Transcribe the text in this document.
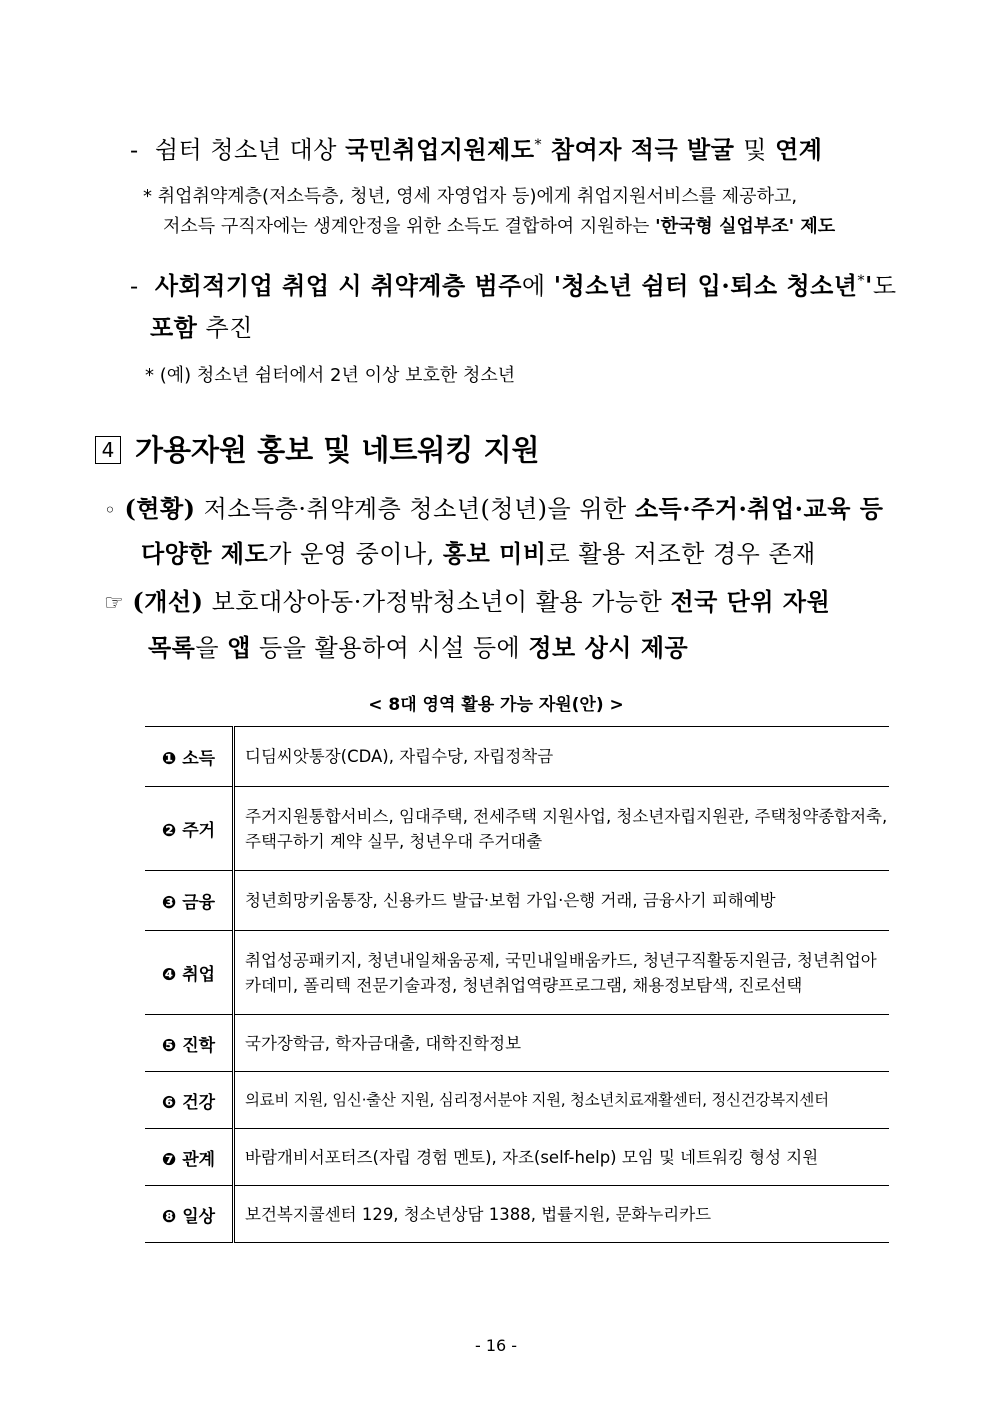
- 쉼터 청소년 대상 국민취업지원제도* 참여자 적극 발굴 및 연계
* 취업취약계층(저소득층, 청년, 영세 자영업자 등)에게 취업지원서비스를 제공하고,
저소득 구직자에는 생계안정을 위한 소득도 결합하여 지원하는 '한국형 실업부조' 제도
- 사회적기업 취업 시 취약계층 범주에 '청소년 쉼터 입·퇴소 청소년*'도
포함 추진
* (예) 청소년 쉼터에서 2년 이상 보호한 청소년
4 가용자원 홍보 및 네트워킹 지원
◦ (현황) 저소득층·취약계층 청소년(청년)을 위한 소득·주거·취업·교육 등
다양한 제도가 운영 중이나, 홍보 미비로 활용 저조한 경우 존재
☞ (개선) 보호대상아동·가정밖청소년이 활용 가능한 전국 단위 자원
목록을 앱 등을 활용하여 시설 등에 정보 상시 제공
< 8대 영역 활용 가능 자원(안) >
❶ 소득	디딤씨앗통장(CDA), 자립수당, 자립정착금
❷ 주거	주거지원통합서비스, 임대주택, 전세주택 지원사업, 청소년자립지원관, 주택청약종합저축, 주택구하기 계약 실무, 청년우대 주거대출
❸ 금융	청년희망키움통장, 신용카드 발급·보험 가입·은행 거래, 금융사기 피해예방
❹ 취업	취업성공패키지, 청년내일채움공제, 국민내일배움카드, 청년구직활동지원금, 청년취업아카데미, 폴리텍 전문기술과정, 청년취업역량프로그램, 채용정보탐색, 진로선택
❺ 진학	국가장학금, 학자금대출, 대학진학정보
❻ 건강	의료비 지원, 임신·출산 지원, 심리정서분야 지원, 청소년치료재활센터, 정신건강복지센터
❼ 관계	바람개비서포터즈(자립 경험 멘토), 자조(self-help) 모임 및 네트워킹 형성 지원
❽ 일상	보건복지콜센터 129, 청소년상담 1388, 법률지원, 문화누리카드
- 16 -
